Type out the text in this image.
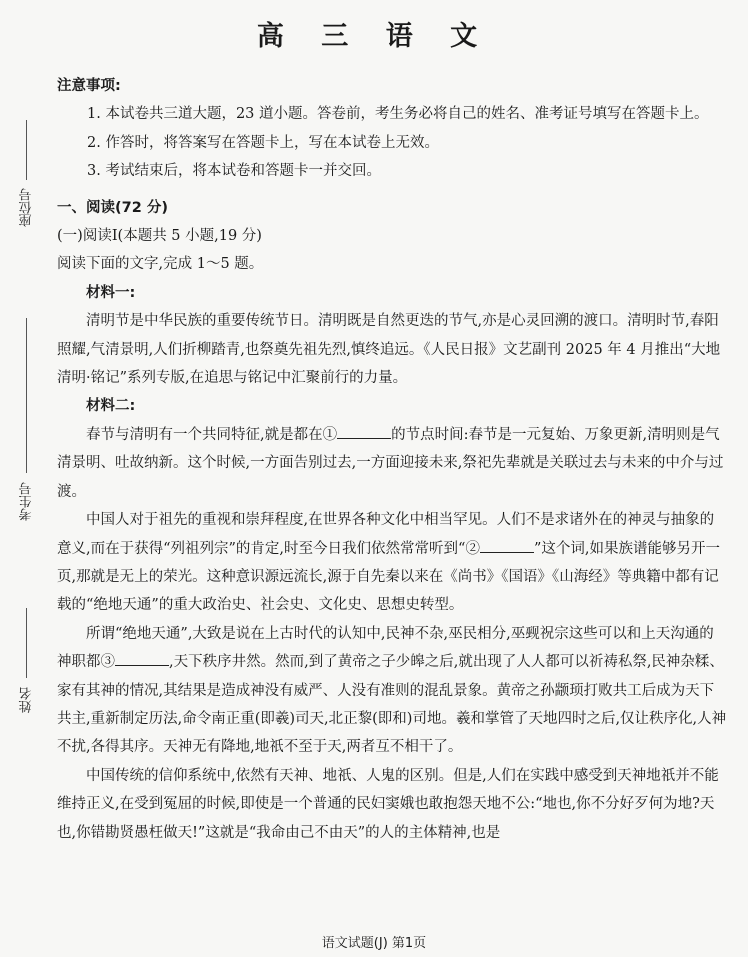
高 三 语 文
座位号
考生号
姓名

注意事项:

1. 本试卷共三道大题，23 道小题。答卷前，考生务必将自己的姓名、准考证号填写在答题卡上。

2. 作答时，将答案写在答题卡上，写在本试卷上无效。

3. 考试结束后，将本试卷和答题卡一并交回。

一、阅读(72 分)

(一)阅读Ⅰ(本题共 5 小题,19 分)

阅读下面的文字,完成 1～5 题。

材料一:

清明节是中华民族的重要传统节日。清明既是自然更迭的节气,亦是心灵回溯的渡口。清明时节,春阳照耀,气清景明,人们折柳踏青,也祭奠先祖先烈,慎终追远。《人民日报》文艺副刊 2025 年 4 月推出“大地清明·铭记”系列专版,在追思与铭记中汇聚前行的力量。

材料二:

春节与清明有一个共同特征,就是都在①	的节点时间:春节是一元复始、万象更新,清明则是气清景明、吐故纳新。这个时候,一方面告别过去,一方面迎接未来,祭祀先辈就是关联过去与未来的中介与过渡。

中国人对于祖先的重视和崇拜程度,在世界各种文化中相当罕见。人们不是求诸外在的神灵与抽象的意义,而在于获得“列祖列宗”的肯定,时至今日我们依然常常听到“②	”这个词,如果族谱能够另开一页,那就是无上的荣光。这种意识源远流长,源于自先秦以来在《尚书》《国语》《山海经》等典籍中都有记载的“绝地天通”的重大政治史、社会史、文化史、思想史转型。

所谓“绝地天通”,大致是说在上古时代的认知中,民神不杂,巫民相分,巫觋祝宗这些可以和上天沟通的神职都③	,天下秩序井然。然而,到了黄帝之子少皞之后,就出现了人人都可以祈祷私祭,民神杂糅、家有其神的情况,其结果是造成神没有威严、人没有准则的混乱景象。黄帝之孙颛顼打败共工后成为天下共主,重新制定历法,命令南正重(即羲)司天,北正黎(即和)司地。羲和掌管了天地四时之后,仅让秩序化,人神不扰,各得其序。天神无有降地,地祇不至于天,两者互不相干了。

中国传统的信仰系统中,依然有天神、地祇、人鬼的区别。但是,人们在实践中感受到天神地祇并不能维持正义,在受到冤屈的时候,即使是一个普通的民妇窦娥也敢抱怨天地不公:“地也,你不分好歹何为地?天也,你错勘贤愚枉做天!”这就是“我命由己不由天”的人的主体精神,也是

语文试题(J) 第1页
